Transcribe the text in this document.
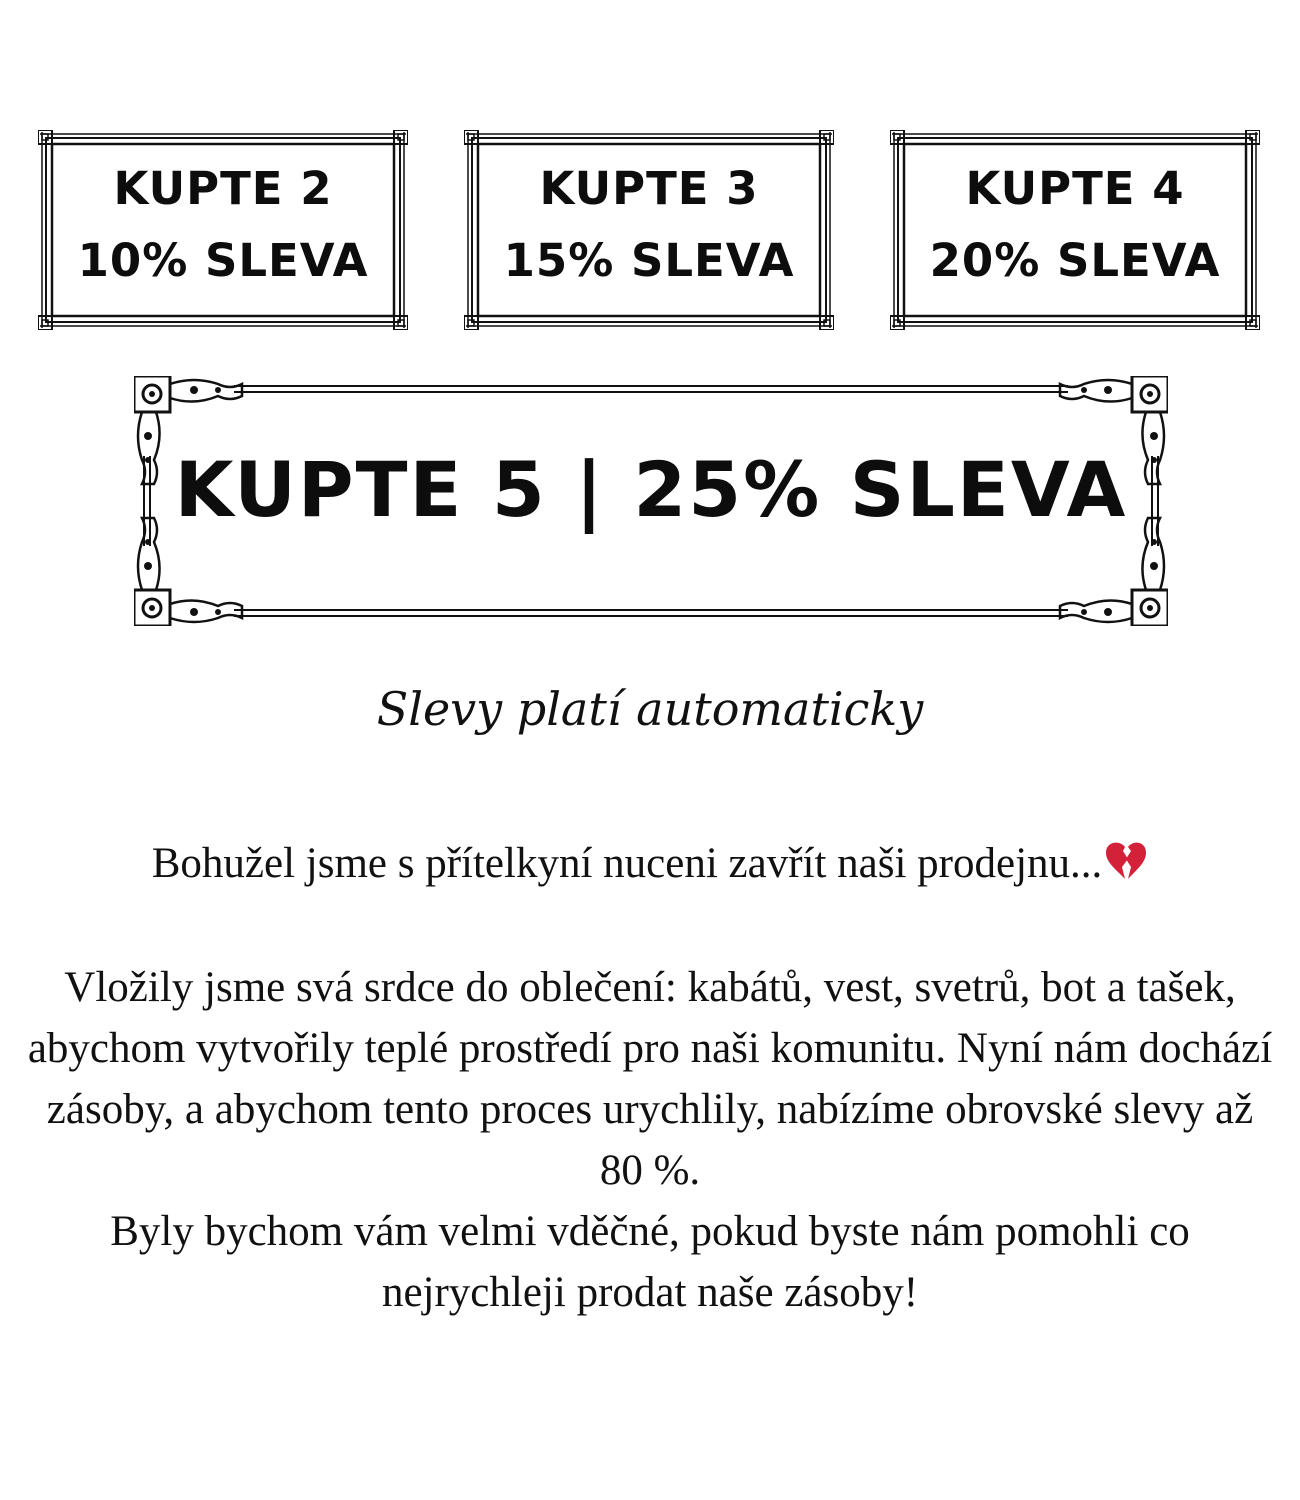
KUPTE 2
10% SLEVA
KUPTE 3
15% SLEVA
KUPTE 4
20% SLEVA
KUPTE 5 | 25% SLEVA
Slevy platí automaticky
Bohužel jsme s přítelkyní nuceni zavřít naši prodejnu...

Vložily jsme svá srdce do oblečení: kabátů, vest, svetrů, bot a tašek, abychom vytvořily teplé prostředí pro naši komunitu. Nyní nám dochází zásoby, a abychom tento proces urychlily, nabízíme obrovské slevy až 80 %.

Byly bychom vám velmi vděčné, pokud byste nám pomohli co nejrychleji prodat naše zásoby!
